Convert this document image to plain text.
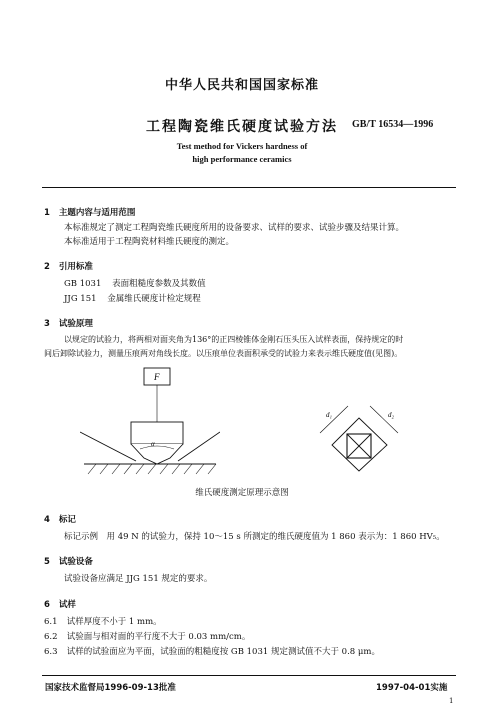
中华人民共和国国家标准
工程陶瓷维氏硬度试验方法	GB/T 16534—1996
Test method for Vickers hardness of
high performance ceramics
1 主题内容与适用范围
本标准规定了测定工程陶瓷维氏硬度所用的设备要求、试样的要求、试验步骤及结果计算。
本标准适用于工程陶瓷材料维氏硬度的测定。
2 引用标准
GB 1031 表面粗糙度参数及其数值
JJG 151 金属维氏硬度计检定规程
3 试验原理
以规定的试验力，将两相对面夹角为136°的正四棱锥体金刚石压头压入试样表面，保持规定的时
间后卸除试验力，测量压痕两对角线长度。以压痕单位表面积承受的试验力来表示维氏硬度值(见图)。
F
α
d₁	d₂
维氏硬度测定原理示意图
4 标记
标记示例　用 49 N 的试验力，保持 10～15 s 所测定的维氏硬度值为 1 860 表示为：1 860 HV₅。
5 试验设备
试验设备应满足 JJG 151 规定的要求。
6 试样
6.1 试样厚度不小于 1 mm。
6.2 试验面与相对面的平行度不大于 0.03 mm/cm。
6.3 试样的试验面应为平面，试验面的粗糙度按 GB 1031 规定测试值不大于 0.8 μm。
国家技术监督局1996-09-13批准	1997-04-01实施
1
